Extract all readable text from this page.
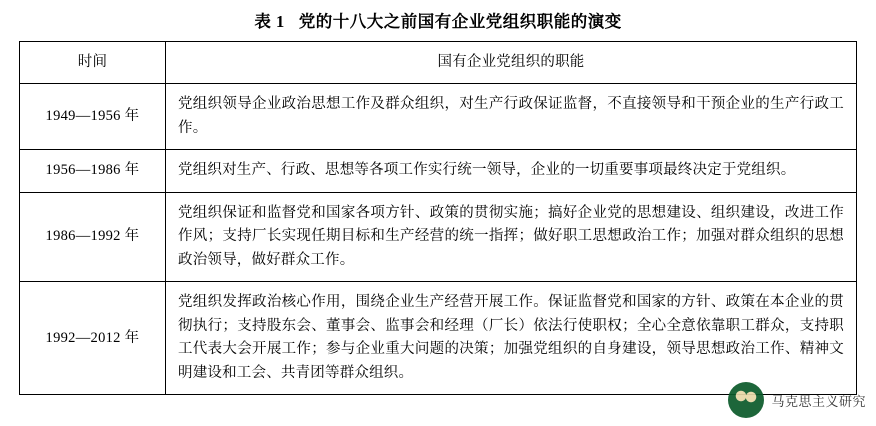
表 1 党的十八大之前国有企业党组织职能的演变
时间	国有企业党组织的职能
1949—1956 年	党组织领导企业政治思想工作及群众组织，对生产行政保证监督，不直接领导和干预企业的生产行政工作。
1956—1986 年	党组织对生产、行政、思想等各项工作实行统一领导，企业的一切重要事项最终决定于党组织。
1986—1992 年	党组织保证和监督党和国家各项方针、政策的贯彻实施；搞好企业党的思想建设、组织建设，改进工作作风；支持厂长实现任期目标和生产经营的统一指挥；做好职工思想政治工作；加强对群众组织的思想政治领导，做好群众工作。
1992—2012 年	党组织发挥政治核心作用，围绕企业生产经营开展工作。保证监督党和国家的方针、政策在本企业的贯彻执行；支持股东会、董事会、监事会和经理（厂长）依法行使职权；全心全意依靠职工群众，支持职工代表大会开展工作；参与企业重大问题的决策；加强党组织的自身建设，领导思想政治工作、精神文明建设和工会、共青团等群众组织。
马克思主义研究
